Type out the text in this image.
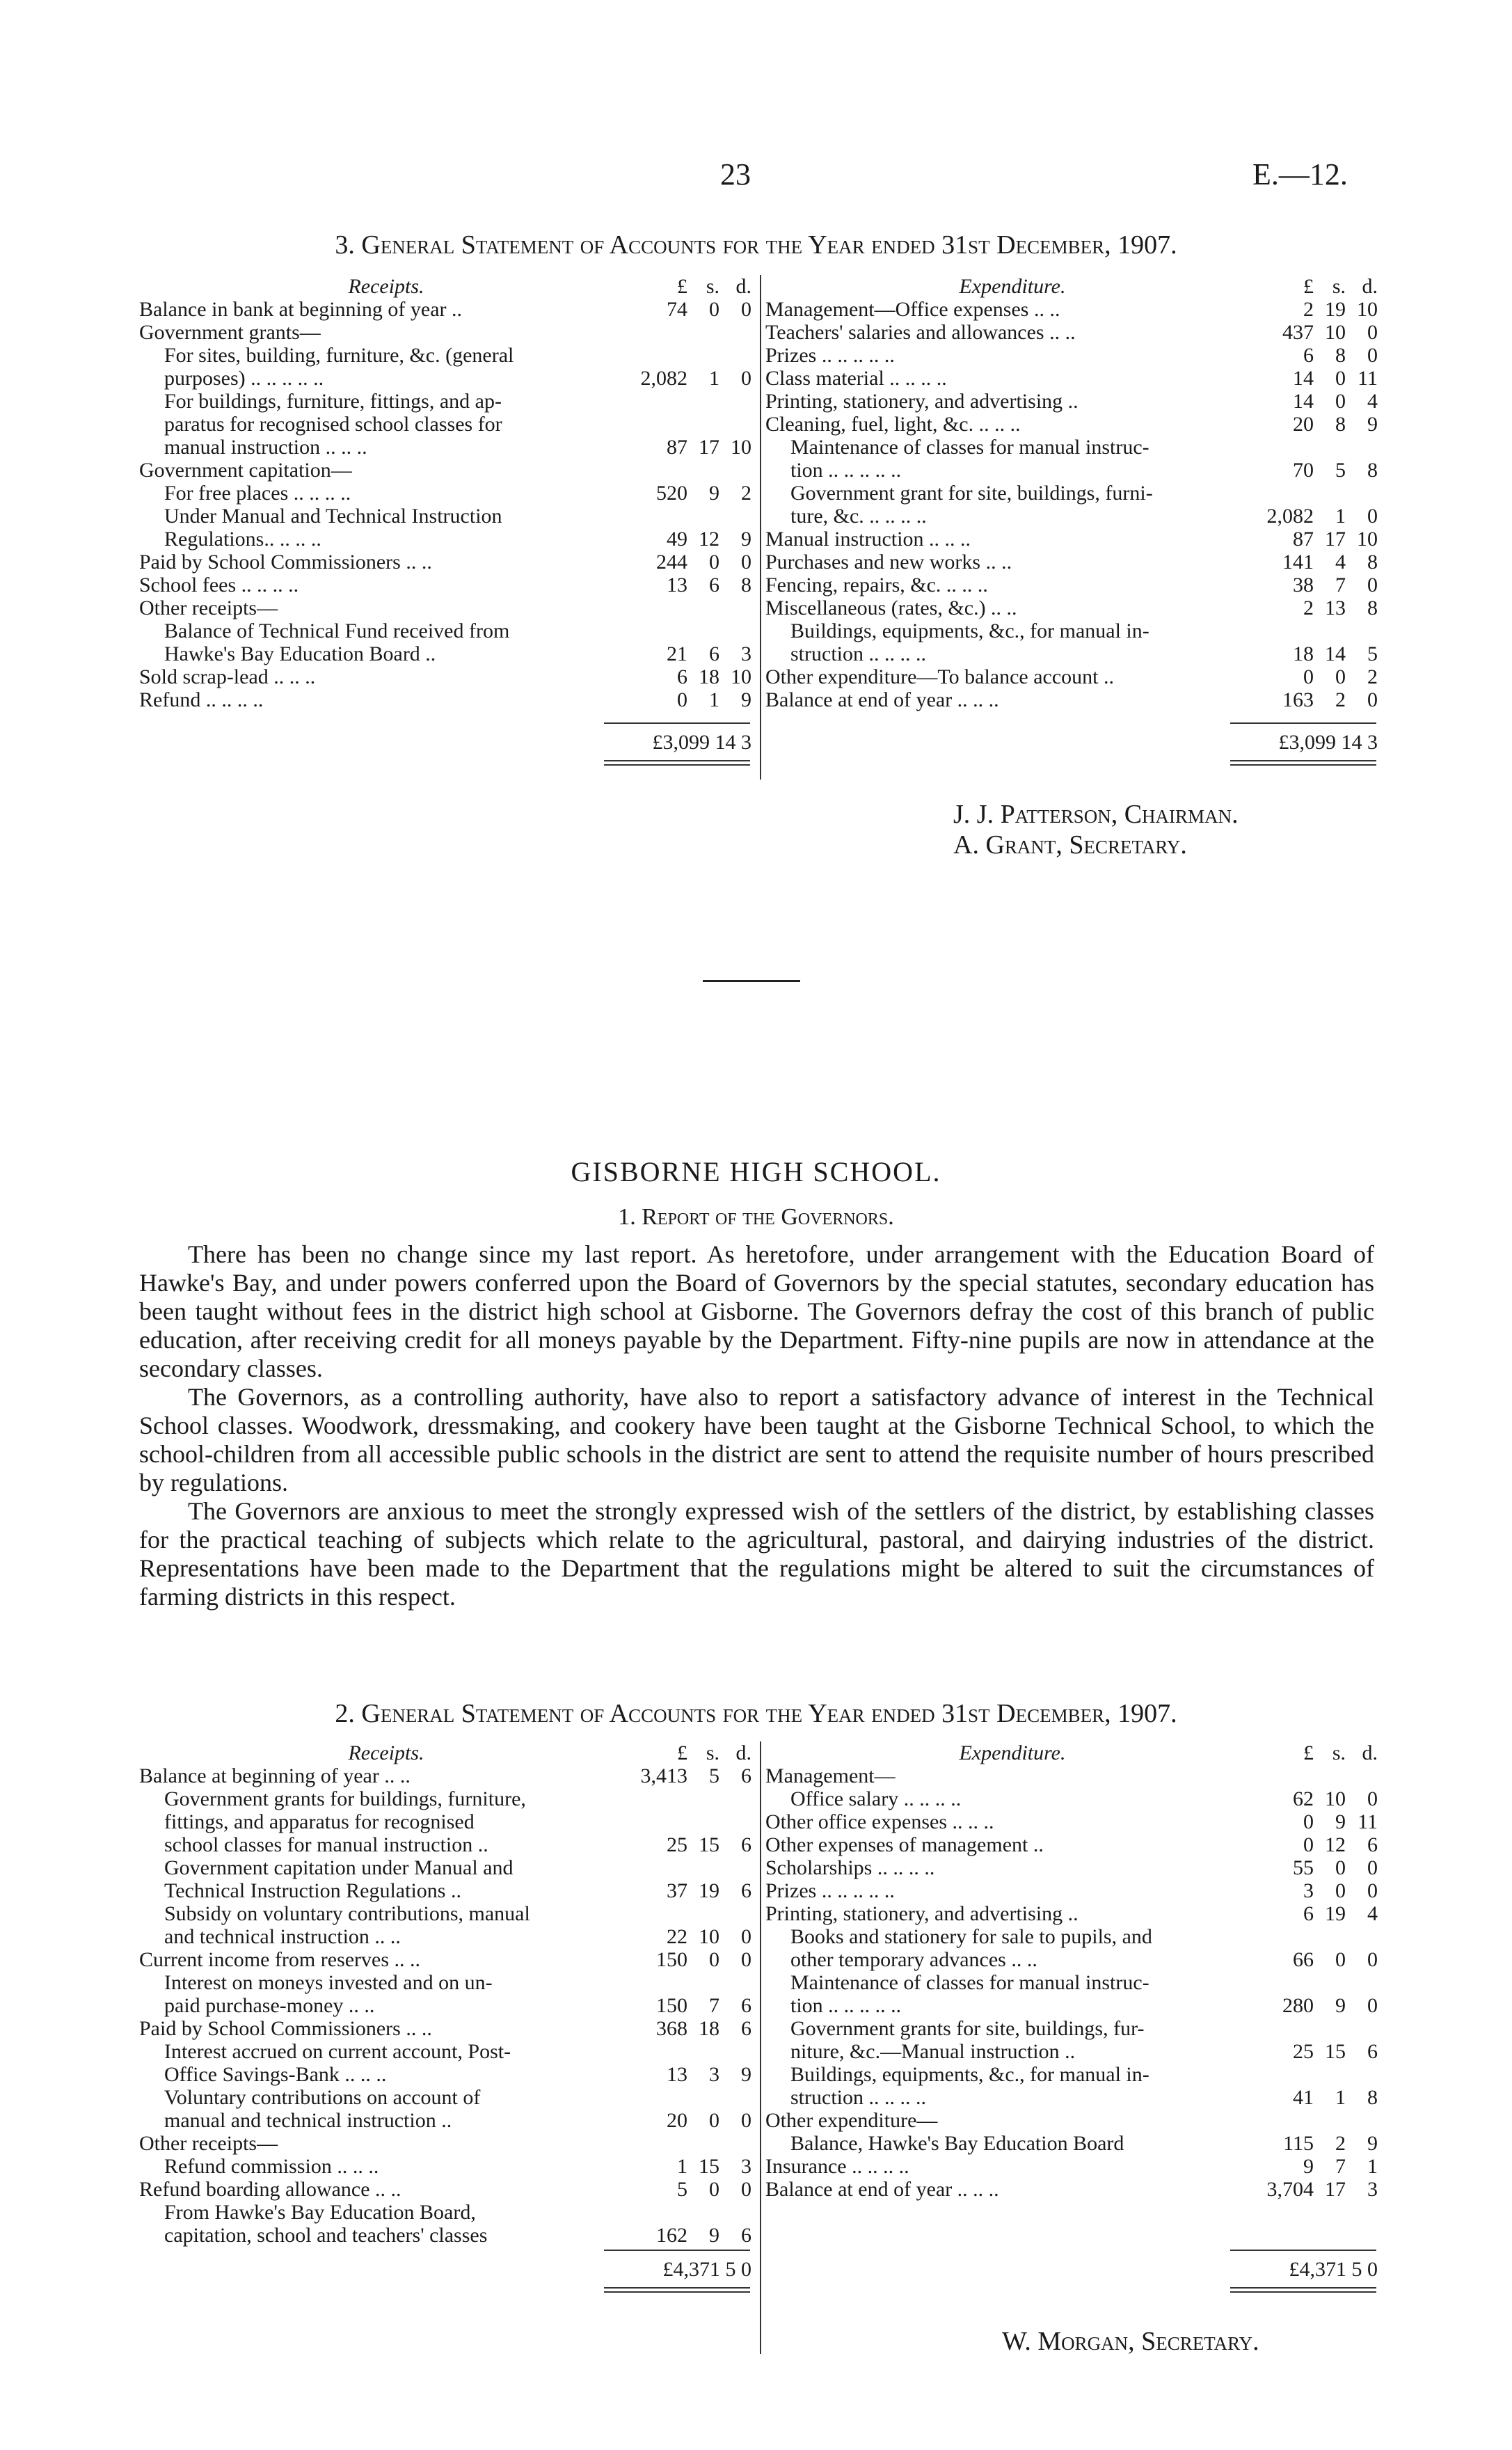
23	E.—12.
3. General Statement of Accounts for the Year ended 31st December, 1907.
Receipts.	£ s. d.
Balance in bank at beginning of year ..	74	0	0
Government grants—
For sites, building, furniture, &c. (general
purposes) .. .. .. .. ..	2,082	1	0
For buildings, furniture, fittings, and ap-
paratus for recognised school classes for
manual instruction .. .. ..	87 17 10
Government capitation—
For free places .. .. .. ..	520	9	2
Under Manual and Technical Instruction
Regulations.. .. .. ..	49 12	9
Paid by School Commissioners .. ..	244	0	0
School fees .. .. .. ..	13	6	8
Other receipts—
Balance of Technical Fund received from
Hawke's Bay Education Board ..	21	6	3
Sold scrap-lead .. .. ..	6 18 10
Refund .. .. .. ..	0	1	9
Expenditure.	£ s. d.
Management—Office expenses .. ..	2 19 10
Teachers' salaries and allowances .. ..	437 10	0
Prizes .. .. .. .. ..	6	8	0
Class material .. .. .. ..	14	0 11
Printing, stationery, and advertising ..	14	0	4
Cleaning, fuel, light, &c. .. .. ..	20	8	9
Maintenance of classes for manual instruc-
tion .. .. .. .. ..	70	5	8
Government grant for site, buildings, furni-
ture, &c. .. .. .. ..	2,082	1	0
Manual instruction .. .. ..	87 17 10
Purchases and new works .. ..	141	4	8
Fencing, repairs, &c. .. .. ..	38	7	0
Miscellaneous (rates, &c.) .. ..	2 13	8
Buildings, equipments, &c., for manual in-
struction .. .. .. ..	18 14	5
Other expenditure—To balance account ..	0	0	2
Balance at end of year .. .. ..	163	2	0
£3,099 14 3	£3,099 14 3
J. J. Patterson, Chairman.
A. Grant, Secretary.
GISBORNE HIGH SCHOOL.
1. Report of the Governors.

There has been no change since my last report. As heretofore, under arrangement with the Education Board of Hawke's Bay, and under powers conferred upon the Board of Governors by the special statutes, secondary education has been taught without fees in the district high school at Gisborne. The Governors defray the cost of this branch of public education, after receiving credit for all moneys payable by the Department. Fifty-nine pupils are now in attendance at the secondary classes.

The Governors, as a controlling authority, have also to report a satisfactory advance of interest in the Technical School classes. Woodwork, dressmaking, and cookery have been taught at the Gisborne Technical School, to which the school-children from all accessible public schools in the district are sent to attend the requisite number of hours prescribed by regulations.

The Governors are anxious to meet the strongly expressed wish of the settlers of the district, by establishing classes for the practical teaching of subjects which relate to the agricultural, pastoral, and dairying industries of the district. Representations have been made to the Department that the regulations might be altered to suit the circumstances of farming districts in this respect.

2. General Statement of Accounts for the Year ended 31st December, 1907.
Receipts.	£ s. d.
Balance at beginning of year .. ..	3,413	5	6
Government grants for buildings, furniture,
fittings, and apparatus for recognised
school classes for manual instruction ..	25 15	6
Government capitation under Manual and
Technical Instruction Regulations ..	37 19	6
Subsidy on voluntary contributions, manual
and technical instruction .. ..	22 10	0
Current income from reserves .. ..	150	0	0
Interest on moneys invested and on un-
paid purchase-money .. ..	150	7	6
Paid by School Commissioners .. ..	368 18	6
Interest accrued on current account, Post-
Office Savings-Bank .. .. ..	13	3	9
Voluntary contributions on account of
manual and technical instruction ..	20	0	0
Other receipts—
Refund commission .. .. ..	1 15	3
Refund boarding allowance .. ..	5	0	0
From Hawke's Bay Education Board,
capitation, school and teachers' classes	162	9	6
Expenditure.	£ s. d.
Management—
Office salary .. .. .. ..	62 10	0
Other office expenses .. .. ..	0	9 11
Other expenses of management ..	0 12	6
Scholarships .. .. .. ..	55	0	0
Prizes .. .. .. .. ..	3	0	0
Printing, stationery, and advertising ..	6 19	4
Books and stationery for sale to pupils, and
other temporary advances .. ..	66	0	0
Maintenance of classes for manual instruc-
tion .. .. .. .. ..	280	9	0
Government grants for site, buildings, fur-
niture, &c.—Manual instruction ..	25 15	6
Buildings, equipments, &c., for manual in-
struction .. .. .. ..	41	1	8
Other expenditure—
Balance, Hawke's Bay Education Board	115	2	9
Insurance .. .. .. ..	9	7	1
Balance at end of year .. .. ..	3,704 17	3
£4,371 5 0	£4,371 5 0
W. Morgan, Secretary.
